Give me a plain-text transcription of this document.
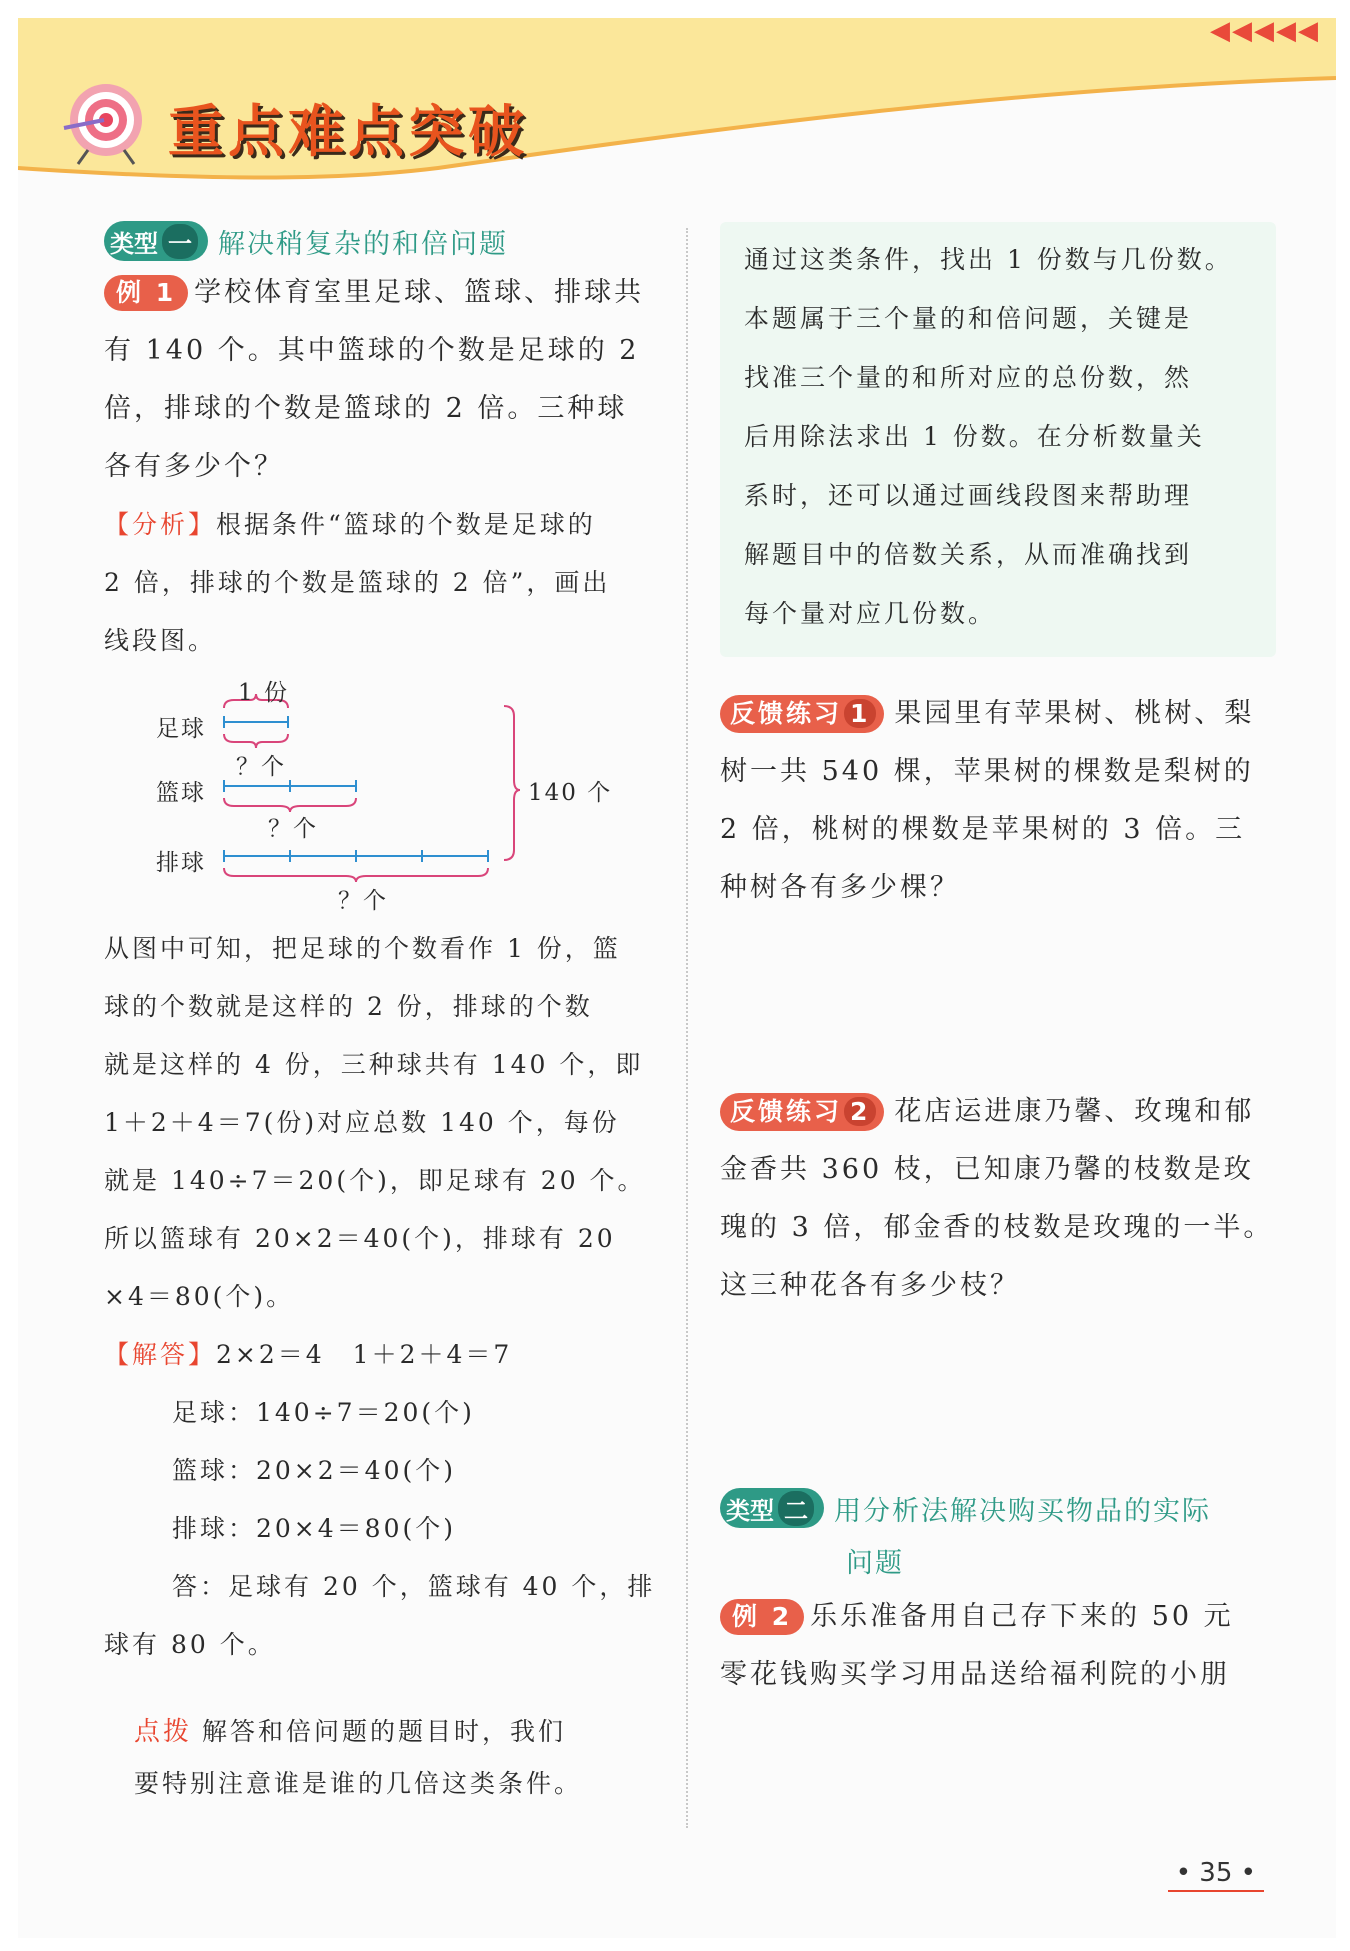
重点难点突破
◀◀◀◀◀
类型 一 解决稍复杂的和倍问题

例 1 学校体育室里足球、篮球、排球共
有 140 个。其中篮球的个数是足球的 2
倍，排球的个数是篮球的 2 倍。三种球
各有多少个？

【分析】根据条件“篮球的个数是足球的
2 倍，排球的个数是篮球的 2 倍”，画出
线段图。

足球
1 份
？个
篮球
？个
排球
？个
140 个

从图中可知，把足球的个数看作 1 份，篮
球的个数就是这样的 2 份，排球的个数
就是这样的 4 份，三种球共有 140 个，即
1＋2＋4＝7(份)对应总数 140 个，每份
就是 140÷7＝20(个)，即足球有 20 个。
所以篮球有 20×2＝40(个)，排球有 20
×4＝80(个)。

【解答】2×2＝4　1＋2＋4＝7
足球：140÷7＝20(个)
篮球：20×2＝40(个)
排球：20×4＝80(个)
答：足球有 20 个，篮球有 40 个，排
球有 80 个。

点拨 解答和倍问题的题目时，我们
要特别注意谁是谁的几倍这类条件。

通过这类条件，找出 1 份数与几份数。
本题属于三个量的和倍问题，关键是
找准三个量的和所对应的总份数，然
后用除法求出 1 份数。在分析数量关
系时，还可以通过画线段图来帮助理
解题目中的倍数关系，从而准确找到
每个量对应几份数。

反馈练习 1 果园里有苹果树、桃树、梨
树一共 540 棵，苹果树的棵数是梨树的
2 倍，桃树的棵数是苹果树的 3 倍。三
种树各有多少棵？

反馈练习 2 花店运进康乃馨、玫瑰和郁
金香共 360 枝，已知康乃馨的枝数是玫
瑰的 3 倍，郁金香的枝数是玫瑰的一半。
这三种花各有多少枝？

类型 二 用分析法解决购买物品的实际
问题

例 2 乐乐准备用自己存下来的 50 元
零花钱购买学习用品送给福利院的小朋

• 35 •
